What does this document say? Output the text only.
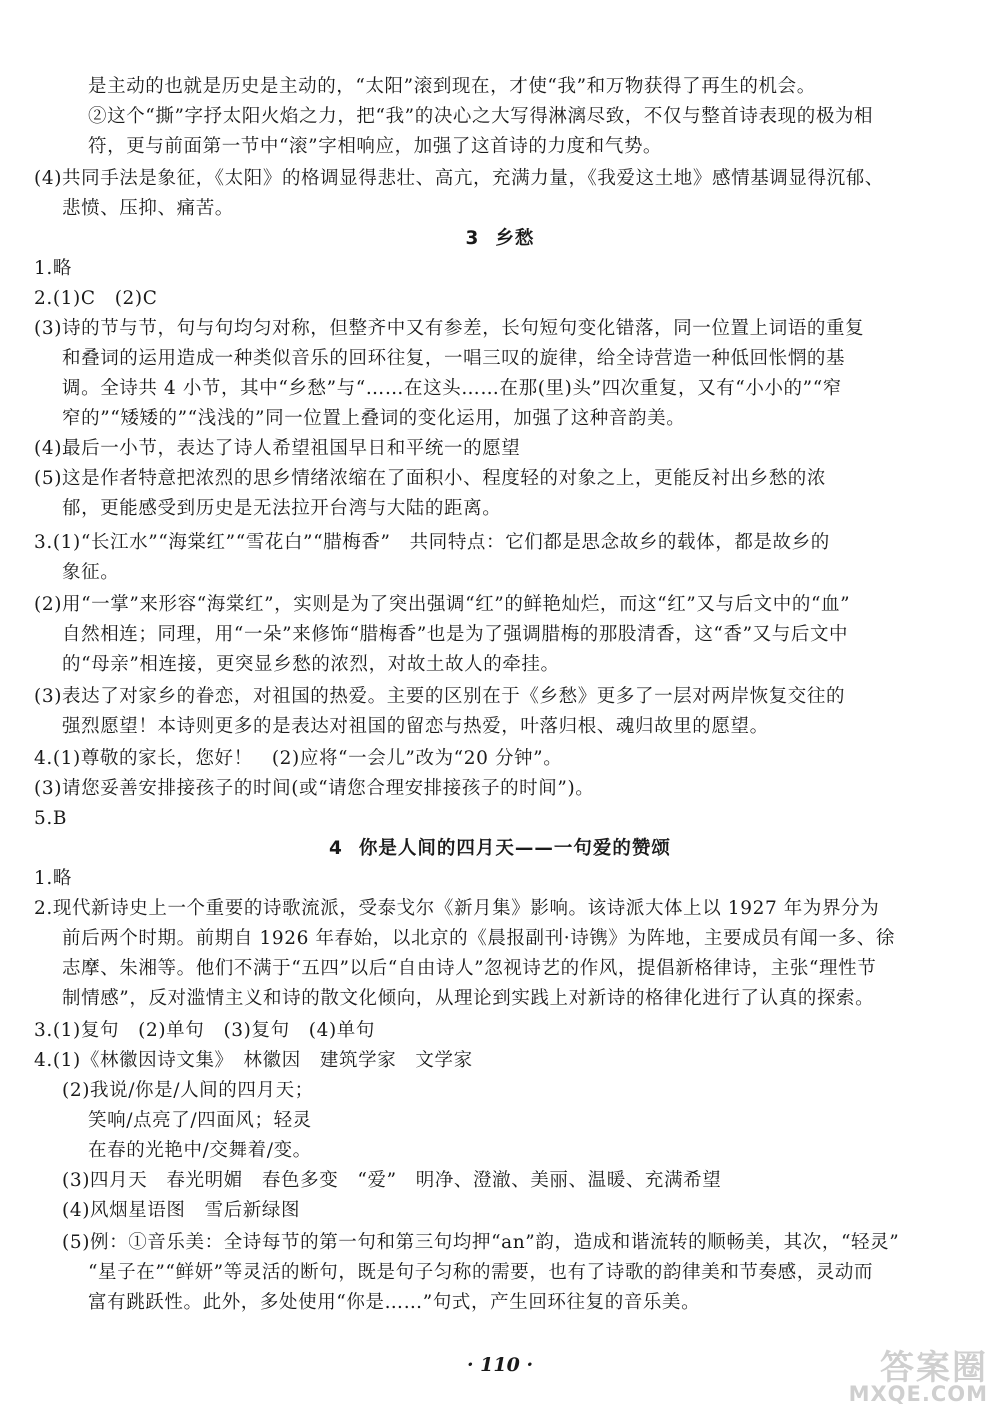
是主动的也就是历史是主动的，“太阳”滚到现在，才使“我”和万物获得了再生的机会。
②这个“撕”字抒太阳火焰之力，把“我”的决心之大写得淋漓尽致，不仅与整首诗表现的极为相
符，更与前面第一节中“滚”字相响应，加强了这首诗的力度和气势。
(4)共同手法是象征，《太阳》的格调显得悲壮、高亢，充满力量，《我爱这土地》感情基调显得沉郁、
悲愤、压抑、痛苦。
3 乡愁
1.略
2.(1)C　(2)C
(3)诗的节与节，句与句均匀对称，但整齐中又有参差，长句短句变化错落，同一位置上词语的重复
和叠词的运用造成一种类似音乐的回环往复，一唱三叹的旋律，给全诗营造一种低回怅惘的基
调。全诗共 4 小节，其中“乡愁”与“……在这头……在那(里)头”四次重复，又有“小小的”“窄
窄的”“矮矮的”“浅浅的”同一位置上叠词的变化运用，加强了这种音韵美。
(4)最后一小节，表达了诗人希望祖国早日和平统一的愿望
(5)这是作者特意把浓烈的思乡情绪浓缩在了面积小、程度轻的对象之上，更能反衬出乡愁的浓
郁，更能感受到历史是无法拉开台湾与大陆的距离。
3.(1)“长江水”“海棠红”“雪花白”“腊梅香”　共同特点：它们都是思念故乡的载体，都是故乡的
象征。
(2)用“一掌”来形容“海棠红”，实则是为了突出强调“红”的鲜艳灿烂，而这“红”又与后文中的“血”
自然相连；同理，用“一朵”来修饰“腊梅香”也是为了强调腊梅的那股清香，这“香”又与后文中
的“母亲”相连接，更突显乡愁的浓烈，对故土故人的牵挂。
(3)表达了对家乡的眷恋，对祖国的热爱。主要的区别在于《乡愁》更多了一层对两岸恢复交往的
强烈愿望！本诗则更多的是表达对祖国的留恋与热爱，叶落归根、魂归故里的愿望。
4.(1)尊敬的家长，您好！　(2)应将“一会儿”改为“20 分钟”。
(3)请您妥善安排接孩子的时间(或“请您合理安排接孩子的时间”)。
5.B
4 你是人间的四月天——一句爱的赞颂
1.略
2.现代新诗史上一个重要的诗歌流派，受泰戈尔《新月集》影响。该诗派大体上以 1927 年为界分为
前后两个时期。前期自 1926 年春始，以北京的《晨报副刊·诗镌》为阵地，主要成员有闻一多、徐
志摩、朱湘等。他们不满于“五四”以后“自由诗人”忽视诗艺的作风，提倡新格律诗，主张“理性节
制情感”，反对滥情主义和诗的散文化倾向，从理论到实践上对新诗的格律化进行了认真的探索。
3.(1)复句　(2)单句　(3)复句　(4)单句
4.(1)《林徽因诗文集》　林徽因　建筑学家　文学家
(2)我说/你是/人间的四月天；
笑响/点亮了/四面风；轻灵
在春的光艳中/交舞着/变。
(3)四月天　春光明媚　春色多变　“爱”　明净、澄澈、美丽、温暖、充满希望
(4)风烟星语图　雪后新绿图
(5)例：①音乐美：全诗每节的第一句和第三句均押“an”韵，造成和谐流转的顺畅美，其次，“轻灵”
“星子在”“鲜妍”等灵活的断句，既是句子匀称的需要，也有了诗歌的韵律美和节奏感，灵动而
富有跳跃性。此外，多处使用“你是……”句式，产生回环往复的音乐美。
· 110 ·	答案圈
MXQE.COM
